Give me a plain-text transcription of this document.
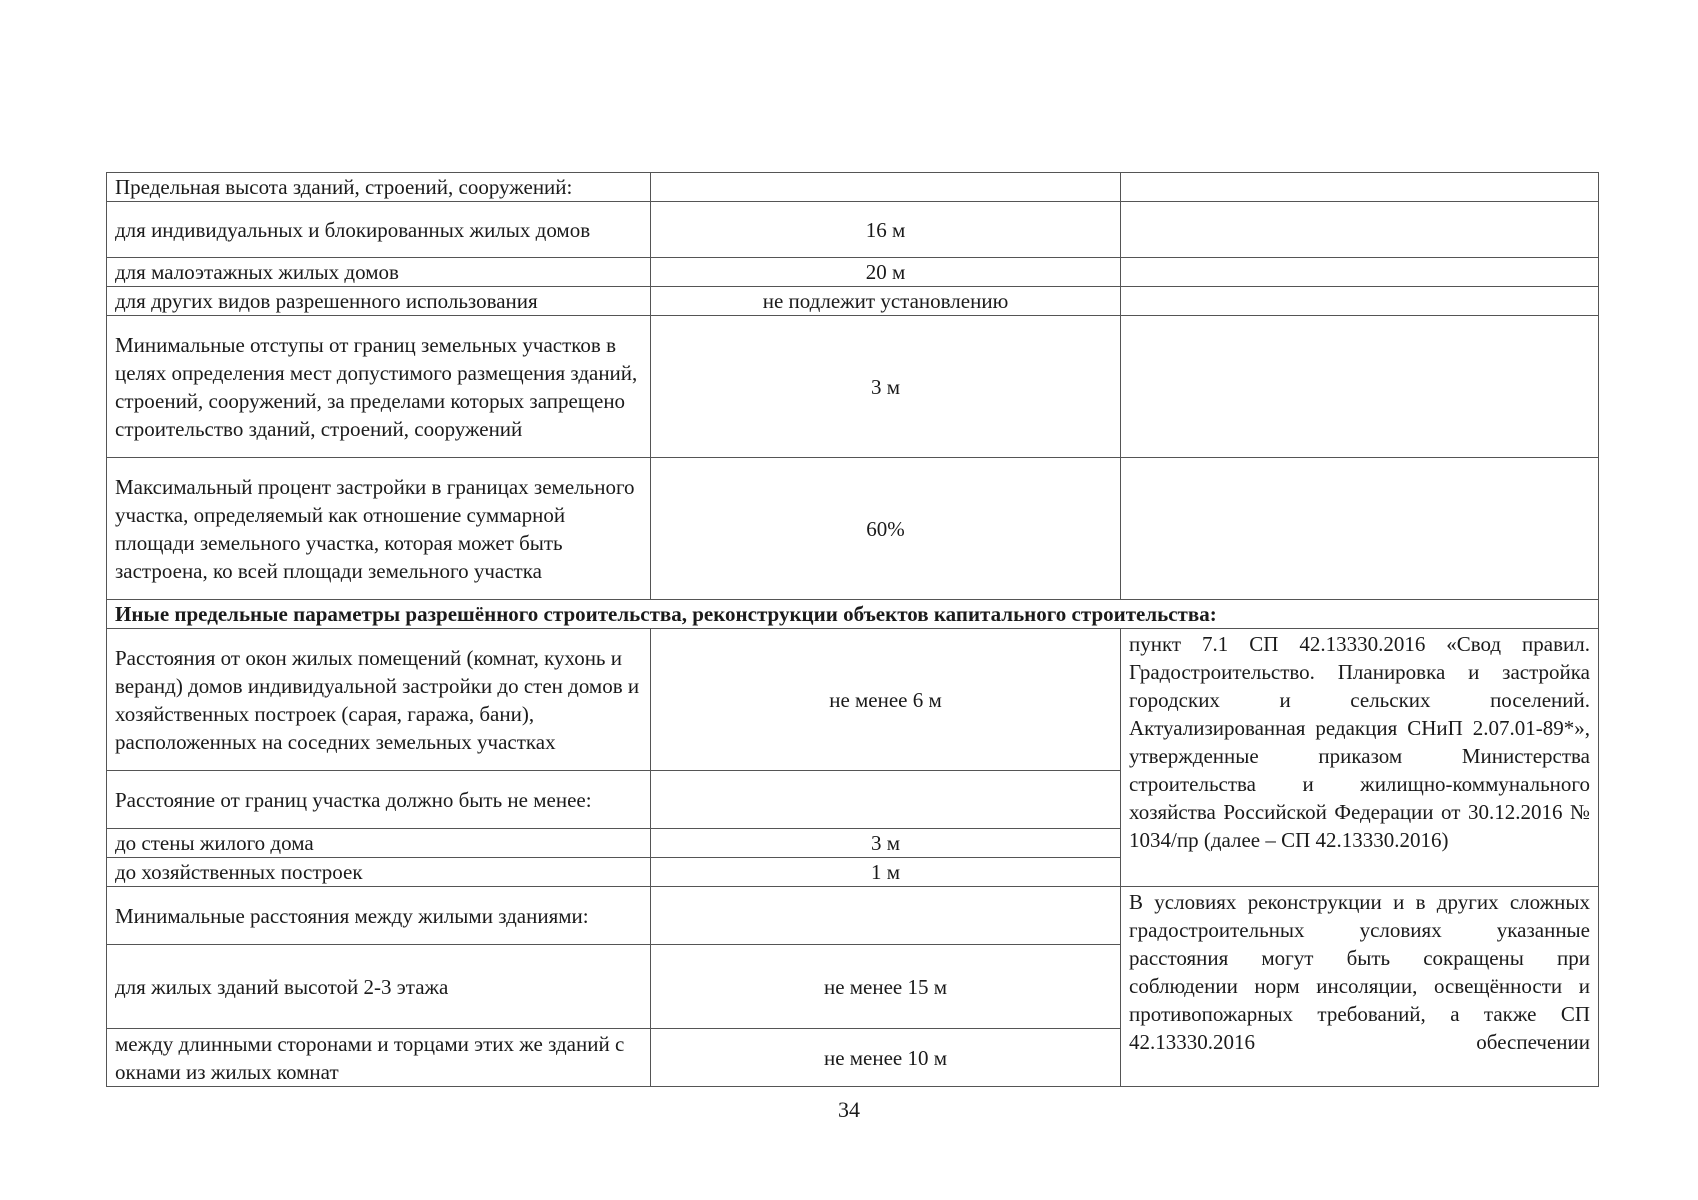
Предельная высота зданий, строений, сооружений:		
для индивидуальных и блокированных жилых домов	16 м	
для малоэтажных жилых домов	20 м	
для других видов разрешенного использования	не подлежит установлению	
Минимальные отступы от границ земельных участков в целях определения мест допустимого размещения зданий, строений, сооружений, за пределами которых запрещено строительство зданий, строений, сооружений	3 м	
Максимальный процент застройки в границах земельного участка, определяемый как отношение суммарной площади земельного участка, которая может быть застроена, ко всей площади земельного участка	60%	
Иные предельные параметры разрешённого строительства, реконструкции объектов капитального строительства:		
Расстояния от окон жилых помещений (комнат, кухонь и веранд) домов индивидуальной застройки до стен домов и хозяйственных построек (сарая, гаража, бани), расположенных на соседних земельных участках	не менее 6 м	пункт 7.1 СП 42.13330.2016 «Свод правил. Градостроительство. Планировка и застройка городских и сельских поселений. Актуализированная редакция СНиП 2.07.01-89*», утвержденные приказом Министерства строительства и жилищно-коммунального хозяйства Российской Федерации от 30.12.2016 № 1034/пр (далее – СП 42.13330.2016)
Расстояние от границ участка должно быть не менее:		
до стены жилого дома	3 м	
до хозяйственных построек	1 м	
Минимальные расстояния между жилыми зданиями:		В условиях реконструкции и в других сложных градостроительных условиях указанные расстояния могут быть сокращены при соблюдении норм инсоляции, освещённости и противопожарных требований, а также СП 42.13330.2016 обеспечении

для жилых зданий высотой 2-3 этажа	не менее 15 м	
между длинными сторонами и торцами этих же зданий с окнами из жилых комнат	не менее 10 м	
34
